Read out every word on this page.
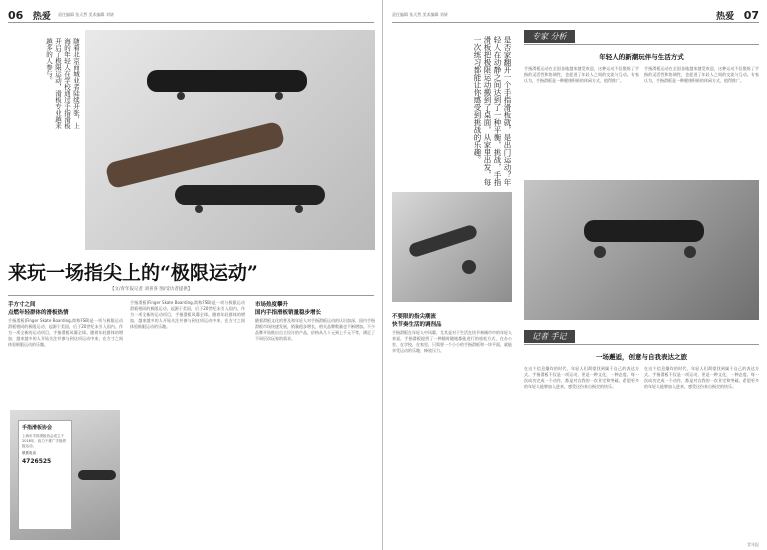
06 热爱 责任编辑 张天然 美术编辑 刘妍
随着北京商城业者陆续开张，上海的年轻人在学校通过手指滑板开启了极限运动，滑板专业越来越多的人参与。
来玩一场指尖上的“极限运动”
【文/青年报记者 刘喜喜 图/受访者提供】
手方寸之间
点燃年轻群体的滑板热情
手指滑板(Finger Skate Boarding,简称FSB)是一项与极限运动滑板相同的极限运动，起源于美国，后于20世纪末引入国内。作为一项全新的运动项目，手指滑板风靡全球。随着年轻群体的增加，越来越多的人开始关注并参与到这项运动中来，在方寸之间体验极限运动的乐趣。
手指滑板协会
上海市手指滑板协会成立于2018年，致力于推广手指滑板运动。
联系电话
4726525
手指滑板(Finger Skate Boarding,简称FSB)是一项与极限运动滑板相同的极限运动，起源于美国，后于20世纪末引入国内。作为一项全新的运动项目，手指滑板风靡全球。随着年轻群体的增加，越来越多的人开始关注并参与到这项运动中来，在方寸之间体验极限运动的乐趣。
市场热度攀升
国内手指滑板销量稳步增长
随着滑板文化的普及和年轻人对手指滑板运动的认识加深，国内手指滑板市场快速发展，销量稳步增长，相关品牌数量也不断增加。不少品牌开始推出自主设计的产品，价格从几十元到上千元不等，满足了不同层次玩家的需求。
热爱 07
责任编辑 张天然 美术编辑 刘妍
是否家翻开一个手指滑板就，是出门运动？年轻人在动静之间达到了一种平衡，挑战，手指滑板把极限运动搬到了桌面，从家里出发，每一次练习都能让你感受到挑战的乐趣。
不要限的指尖潮流
快节奏生活的调剂品
手指滑板在年轻人中风靡，尤其是对于生活在快节奏城市中的年轻人来说，手指滑板提供了一种随时随地都能进行的放松方式，在办公室、在学校、在家里，只需要一个小小的手指滑板和一块平面，就能享受运动的乐趣，释放压力。
专家 分析
年轻人的新潮玩伴与生活方式
手指滑板运动在全国各地越来越受欢迎，这种运动不仅锻炼了手指的灵活性和协调性，也促进了年轻人之间的交流与互动。专家认为，手指滑板是一种健康积极的休闲方式，值得推广。
手指滑板运动在全国各地越来越受欢迎，这种运动不仅锻炼了手指的灵活性和协调性，也促进了年轻人之间的交流与互动。专家认为，手指滑板是一种健康积极的休闲方式，值得推广。
记者 手记
一场邂逅，创意与自我表达之旅
在这个信息爆炸的时代，年轻人们渴望找到属于自己的表达方式。手指滑板不仅是一项运动，更是一种文化，一种态度。每一次成功完成一个动作，都是对自我的一次肯定和突破。希望更多的年轻人能够加入进来，感受这份来自指尖的快乐。
在这个信息爆炸的时代，年轻人们渴望找到属于自己的表达方式。手指滑板不仅是一项运动，更是一种文化，一种态度。每一次成功完成一个动作，都是对自我的一次肯定和突破。希望更多的年轻人能够加入进来，感受这份来自指尖的快乐。
青年报
